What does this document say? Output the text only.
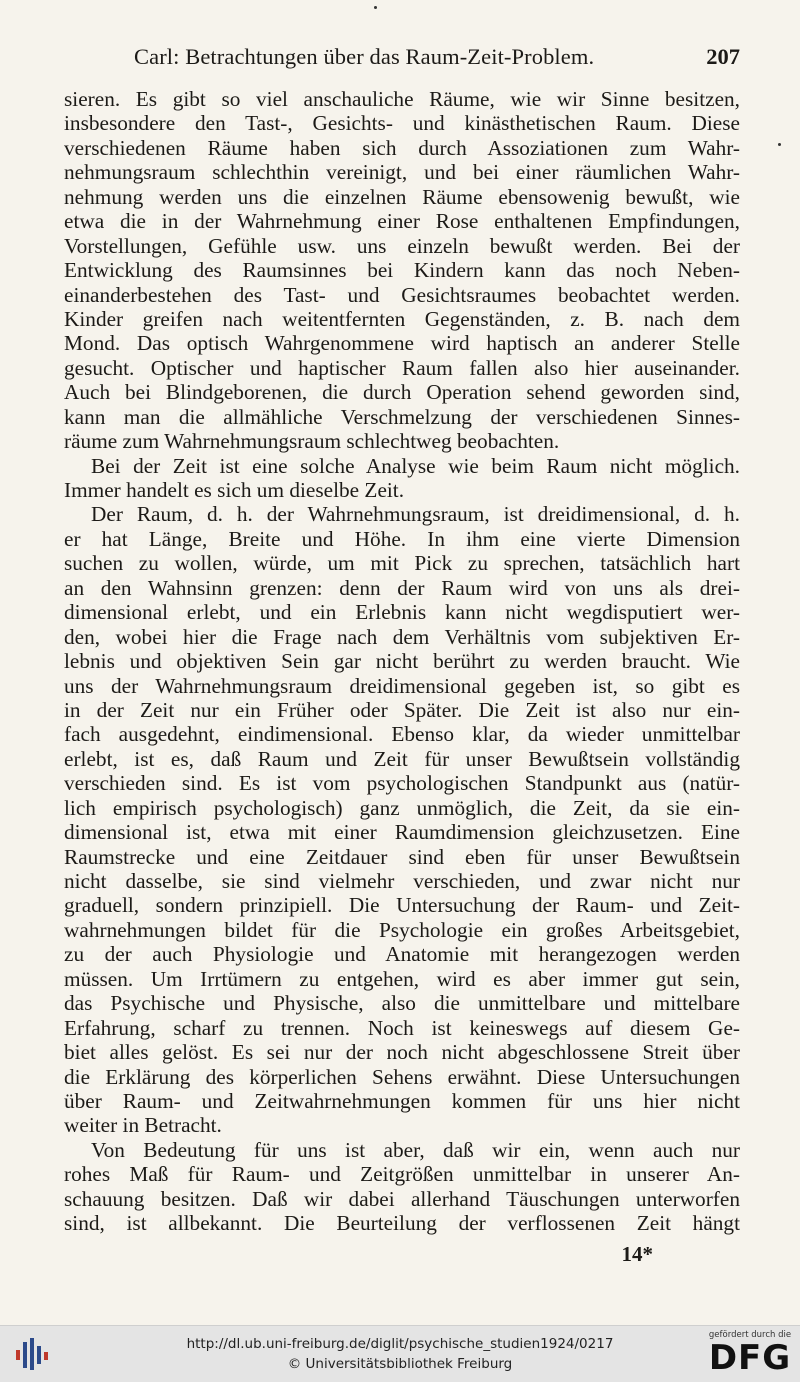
Carl: Betrachtungen über das Raum-Zeit-Problem.	207
sieren. Es gibt so viel anschauliche Räume, wie wir Sinne besitzen,
insbesondere den Tast-, Gesichts- und kinästhetischen Raum. Diese
verschiedenen Räume haben sich durch Assoziationen zum Wahr-
nehmungsraum schlechthin vereinigt, und bei einer räumlichen Wahr-
nehmung werden uns die einzelnen Räume ebensowenig bewußt, wie
etwa die in der Wahrnehmung einer Rose enthaltenen Empfindungen,
Vorstellungen, Gefühle usw. uns einzeln bewußt werden. Bei der
Entwicklung des Raumsinnes bei Kindern kann das noch Neben-
einanderbestehen des Tast- und Gesichtsraumes beobachtet werden.
Kinder greifen nach weitentfernten Gegenständen, z. B. nach dem
Mond. Das optisch Wahrgenommene wird haptisch an anderer Stelle
gesucht. Optischer und haptischer Raum fallen also hier auseinander.
Auch bei Blindgeborenen, die durch Operation sehend geworden sind,
kann man die allmähliche Verschmelzung der verschiedenen Sinnes-
räume zum Wahrnehmungsraum schlechtweg beobachten.
Bei der Zeit ist eine solche Analyse wie beim Raum nicht möglich.
Immer handelt es sich um dieselbe Zeit.
Der Raum, d. h. der Wahrnehmungsraum, ist dreidimensional, d. h.
er hat Länge, Breite und Höhe. In ihm eine vierte Dimension
suchen zu wollen, würde, um mit Pick zu sprechen, tatsächlich hart
an den Wahnsinn grenzen: denn der Raum wird von uns als drei-
dimensional erlebt, und ein Erlebnis kann nicht wegdisputiert wer-
den, wobei hier die Frage nach dem Verhältnis vom subjektiven Er-
lebnis und objektiven Sein gar nicht berührt zu werden braucht. Wie
uns der Wahrnehmungsraum dreidimensional gegeben ist, so gibt es
in der Zeit nur ein Früher oder Später. Die Zeit ist also nur ein-
fach ausgedehnt, eindimensional. Ebenso klar, da wieder unmittelbar
erlebt, ist es, daß Raum und Zeit für unser Bewußtsein vollständig
verschieden sind. Es ist vom psychologischen Standpunkt aus (natür-
lich empirisch psychologisch) ganz unmöglich, die Zeit, da sie ein-
dimensional ist, etwa mit einer Raumdimension gleichzusetzen. Eine
Raumstrecke und eine Zeitdauer sind eben für unser Bewußtsein
nicht dasselbe, sie sind vielmehr verschieden, und zwar nicht nur
graduell, sondern prinzipiell. Die Untersuchung der Raum- und Zeit-
wahrnehmungen bildet für die Psychologie ein großes Arbeitsgebiet,
zu der auch Physiologie und Anatomie mit herangezogen werden
müssen. Um Irrtümern zu entgehen, wird es aber immer gut sein,
das Psychische und Physische, also die unmittelbare und mittelbare
Erfahrung, scharf zu trennen. Noch ist keineswegs auf diesem Ge-
biet alles gelöst. Es sei nur der noch nicht abgeschlossene Streit über
die Erklärung des körperlichen Sehens erwähnt. Diese Untersuchungen
über Raum- und Zeitwahrnehmungen kommen für uns hier nicht
weiter in Betracht.
Von Bedeutung für uns ist aber, daß wir ein, wenn auch nur
rohes Maß für Raum- und Zeitgrößen unmittelbar in unserer An-
schauung besitzen. Daß wir dabei allerhand Täuschungen unterworfen
sind, ist allbekannt. Die Beurteilung der verflossenen Zeit hängt
14*
http://dl.ub.uni-freiburg.de/diglit/psychische_studien1924/0217
© Universitätsbibliothek Freiburg
gefördert durch die
DFG
